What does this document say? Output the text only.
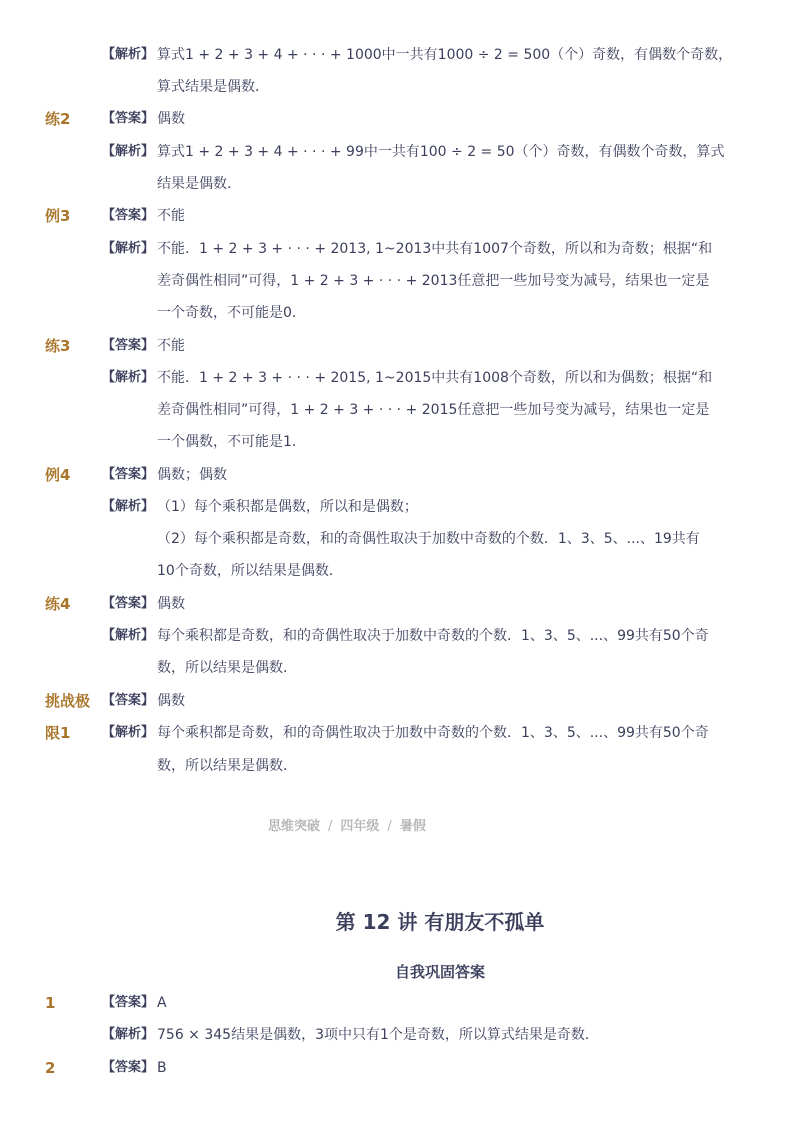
【解析】 算式1 + 2 + 3 + 4 + · · · + 1000中一共有1000 ÷ 2 = 500（个）奇数，有偶数个奇数，
算式结果是偶数．
练2 【答案】 偶数
【解析】 算式1 + 2 + 3 + 4 + · · · + 99中一共有100 ÷ 2 = 50（个）奇数，有偶数个奇数，算式
结果是偶数．
例3 【答案】 不能
【解析】 不能．1 + 2 + 3 + · · · + 2013, 1~2013中共有1007个奇数，所以和为奇数；根据“和
差奇偶性相同”可得，1 + 2 + 3 + · · · + 2013任意把一些加号变为减号，结果也一定是
一个奇数，不可能是0．
练3 【答案】 不能
【解析】 不能．1 + 2 + 3 + · · · + 2015, 1~2015中共有1008个奇数，所以和为偶数；根据“和
差奇偶性相同”可得，1 + 2 + 3 + · · · + 2015任意把一些加号变为减号，结果也一定是
一个偶数，不可能是1．
例4 【答案】 偶数；偶数
【解析】 （1）每个乘积都是偶数，所以和是偶数；
（2）每个乘积都是奇数，和的奇偶性取决于加数中奇数的个数．1、3、5、...、19共有
10个奇数，所以结果是偶数．
练4 【答案】 偶数
【解析】 每个乘积都是奇数，和的奇偶性取决于加数中奇数的个数．1、3、5、...、99共有50个奇
数，所以结果是偶数．
挑战极
限1
【答案】 偶数
【解析】 每个乘积都是奇数，和的奇偶性取决于加数中奇数的个数．1、3、5、...、99共有50个奇
数，所以结果是偶数．
思维突破 / 四年级 / 暑假
第 12 讲 有朋友不孤单
自我巩固答案
1	【答案】 A
【解析】 756 × 345结果是偶数，3项中只有1个是奇数，所以算式结果是奇数．
2	【答案】 B
